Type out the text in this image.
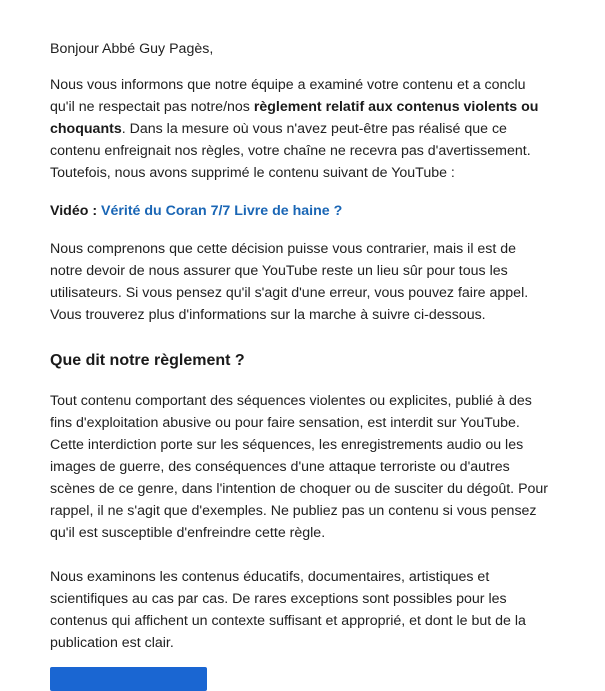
Bonjour Abbé Guy Pagès,

Nous vous informons que notre équipe a examiné votre contenu et a conclu qu'il ne respectait pas notre/nos règlement relatif aux contenus violents ou choquants. Dans la mesure où vous n'avez peut-être pas réalisé que ce contenu enfreignait nos règles, votre chaîne ne recevra pas d'avertissement. Toutefois, nous avons supprimé le contenu suivant de YouTube :

Vidéo : Vérité du Coran 7/7 Livre de haine ?

Nous comprenons que cette décision puisse vous contrarier, mais il est de notre devoir de nous assurer que YouTube reste un lieu sûr pour tous les utilisateurs. Si vous pensez qu'il s'agit d'une erreur, vous pouvez faire appel. Vous trouverez plus d'informations sur la marche à suivre ci-dessous.

Que dit notre règlement ?

Tout contenu comportant des séquences violentes ou explicites, publié à des fins d'exploitation abusive ou pour faire sensation, est interdit sur YouTube. Cette interdiction porte sur les séquences, les enregistrements audio ou les images de guerre, des conséquences d'une attaque terroriste ou d'autres scènes de ce genre, dans l'intention de choquer ou de susciter du dégoût. Pour rappel, il ne s'agit que d'exemples. Ne publiez pas un contenu si vous pensez qu'il est susceptible d'enfreindre cette règle.

Nous examinons les contenus éducatifs, documentaires, artistiques et scientifiques au cas par cas. De rares exceptions sont possibles pour les contenus qui affichent un contexte suffisant et approprié, et dont le but de la publication est clair.
